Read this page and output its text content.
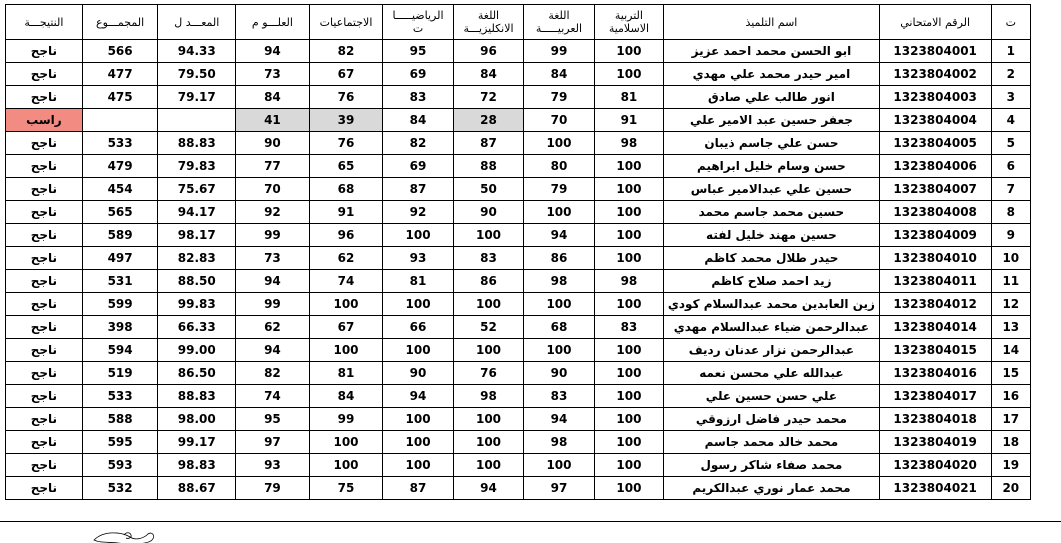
ت	الرقم الامتحاني	اسم التلميذ	التربية الاسلامية	اللغة العربيـــــة	اللغة الانكليزيـــة	الرياضيـــــا ت	الاجتماعيات	العلـــو م	المعـــد ل	المجمـــوع	النتيجـــة
1	1323804001	ابو الحسن محمد احمد عزيز	100	99	96	95	82	94	94.33	566	ناجح
2	1323804002	امير حيدر محمد علي مهدي	100	84	84	69	67	73	79.50	477	ناجح
3	1323804003	انور طالب علي صادق	81	79	72	83	76	84	79.17	475	ناجح
4	1323804004	جعفر حسين عبد الامير علي	91	70	28	84	39	41			راسب
5	1323804005	حسن علي جاسم ذيبان	98	100	87	82	76	90	88.83	533	ناجح
6	1323804006	حسن وسام خليل ابراهيم	100	80	88	69	65	77	79.83	479	ناجح
7	1323804007	حسين علي عبدالامير عباس	100	79	50	87	68	70	75.67	454	ناجح
8	1323804008	حسين محمد جاسم محمد	100	100	90	92	91	92	94.17	565	ناجح
9	1323804009	حسين مهند خليل لفته	100	94	100	100	96	99	98.17	589	ناجح
10	1323804010	حيدر طلال محمد كاظم	100	86	83	93	62	73	82.83	497	ناجح
11	1323804011	زيد احمد صلاح كاظم	98	98	86	81	74	94	88.50	531	ناجح
12	1323804012	زين العابدين محمد عبدالسلام كودي	100	100	100	100	100	99	99.83	599	ناجح
13	1323804014	عبدالرحمن ضياء عبدالسلام مهدي	83	68	52	66	67	62	66.33	398	ناجح
14	1323804015	عبدالرحمن نزار عدنان رديف	100	100	100	100	100	94	99.00	594	ناجح
15	1323804016	عبدالله علي محسن نعمه	100	90	76	90	81	82	86.50	519	ناجح
16	1323804017	علي حسن حسين علي	100	83	98	94	84	74	88.83	533	ناجح
17	1323804018	محمد حيدر فاضل ارزوقي	100	94	100	100	99	95	98.00	588	ناجح
18	1323804019	محمد خالد محمد جاسم	100	98	100	100	100	97	99.17	595	ناجح
19	1323804020	محمد صفاء شاكر رسول	100	100	100	100	100	93	98.83	593	ناجح
20	1323804021	محمد عمار نوري عبدالكريم	100	97	94	87	75	79	88.67	532	ناجح
